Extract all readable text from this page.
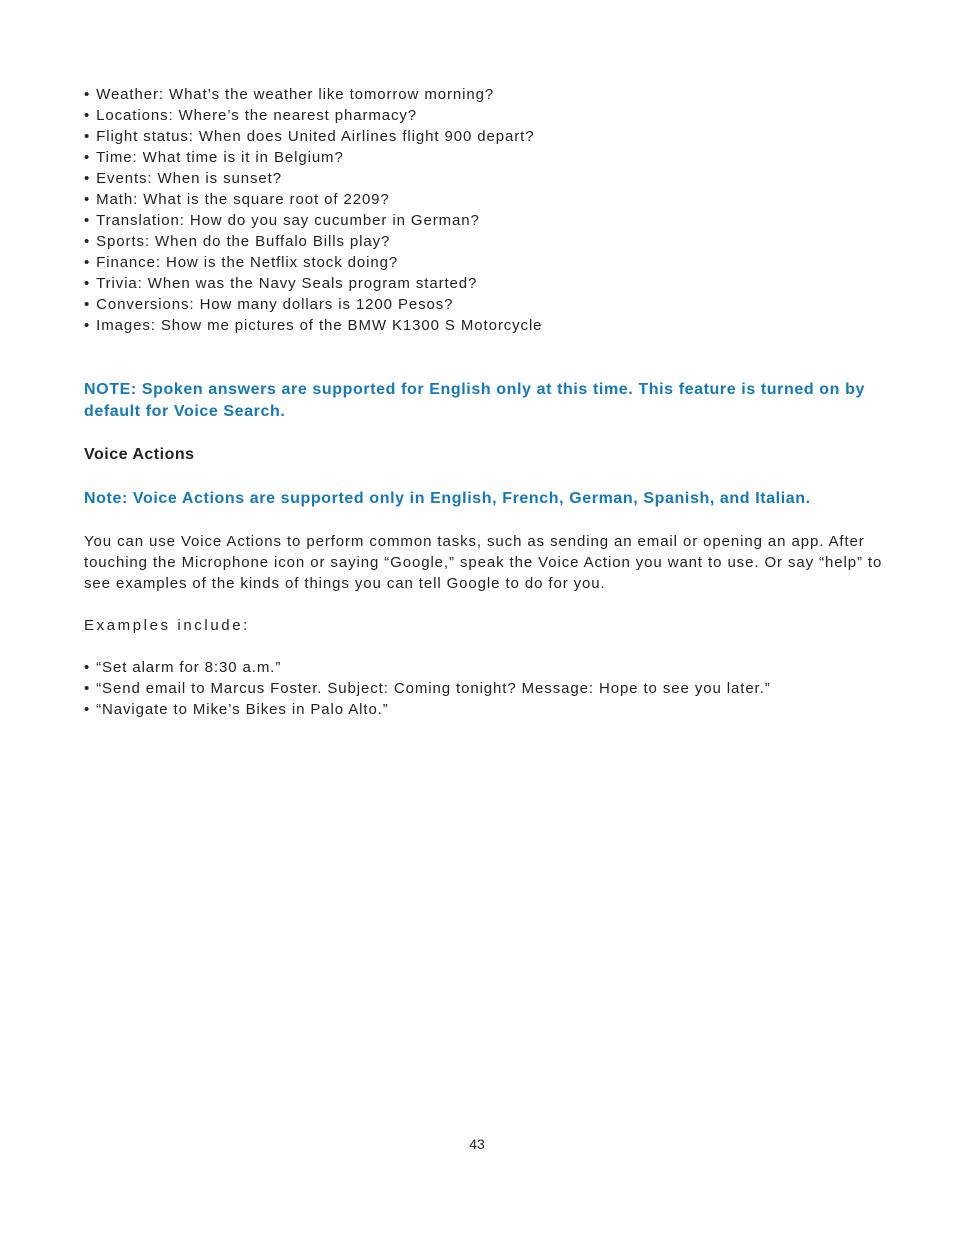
• Weather: What’s the weather like tomorrow morning?
• Locations: Where’s the nearest pharmacy?
• Flight status: When does United Airlines flight 900 depart?
• Time: What time is it in Belgium?
• Events: When is sunset?
• Math: What is the square root of 2209?
• Translation: How do you say cucumber in German?
• Sports: When do the Buffalo Bills play?
• Finance: How is the Netflix stock doing?
• Trivia: When was the Navy Seals program started?
• Conversions: How many dollars is 1200 Pesos?
• Images: Show me pictures of the BMW K1300 S Motorcycle

NOTE: Spoken answers are supported for English only at this time. This feature is turned on by default for Voice Search.

Voice Actions

Note: Voice Actions are supported only in English, French, German, Spanish, and Italian.

You can use Voice Actions to perform common tasks, such as sending an email or opening an app. After touching the Microphone icon or saying “Google,” speak the Voice Action you want to use. Or say “help” to see examples of the kinds of things you can tell Google to do for you.

Examples include:

• “Set alarm for 8:30 a.m.”
• “Send email to Marcus Foster. Subject: Coming tonight? Message: Hope to see you later.”
• “Navigate to Mike’s Bikes in Palo Alto.”
43
